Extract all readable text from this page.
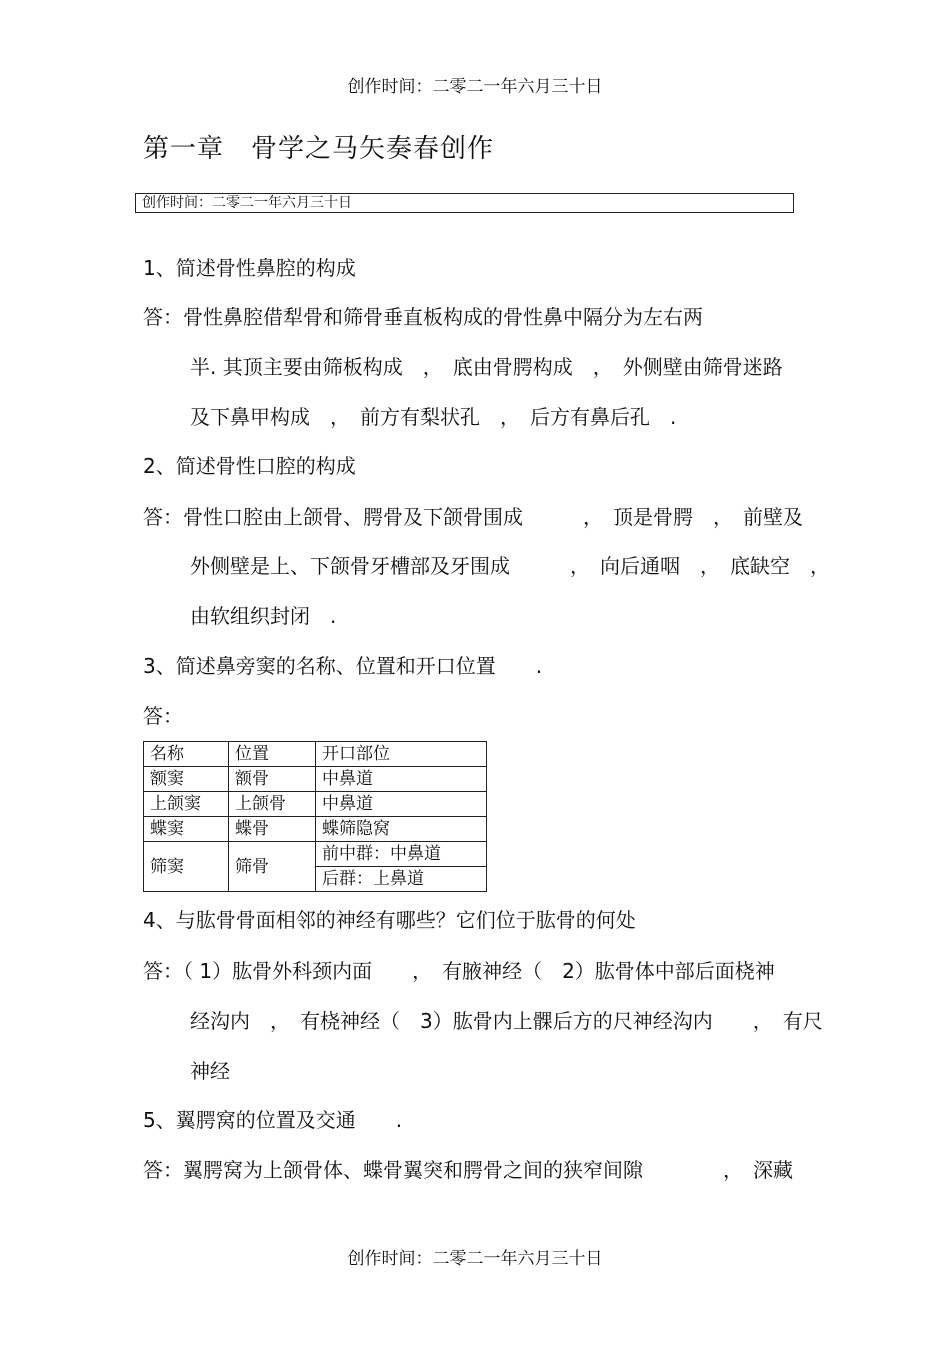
创作时间：二零二一年六月三十日
第一章　骨学之马矢奏春创作
创作时间：二零二一年六月三十日
1、简述骨性鼻腔的构成
答：骨性鼻腔借犁骨和筛骨垂直板构成的骨性鼻中隔分为左右两
半. 其顶主要由筛板构成　，　底由骨腭构成　，　外侧壁由筛骨迷路
及下鼻甲构成　，　前方有梨状孔　，　后方有鼻后孔　.
2、简述骨性口腔的构成
答：骨性口腔由上颌骨、腭骨及下颌骨围成　　　，　顶是骨腭　，　前壁及
外侧壁是上、下颌骨牙槽部及牙围成　　　，　向后通咽　，　底缺空　，
由软组织封闭　.
3、简述鼻旁窦的名称、位置和开口位置　　.
答：
名称	位置	开口部位
额窦	额骨	中鼻道
上颌窦	上颌骨	中鼻道
蝶窦	蝶骨	蝶筛隐窝
筛窦	筛骨	前中群：中鼻道
		后群：上鼻道
4、与肱骨骨面相邻的神经有哪些？它们位于肱骨的何处
答：（ 1）肱骨外科颈内面　　，　有腋神经（　2）肱骨体中部后面桡神
经沟内　，　有桡神经（　3）肱骨内上髁后方的尺神经沟内　　，　有尺
神经
5、翼腭窝的位置及交通　　.
答：翼腭窝为上颌骨体、蝶骨翼突和腭骨之间的狭窄间隙　　　　，　深藏
创作时间：二零二一年六月三十日
